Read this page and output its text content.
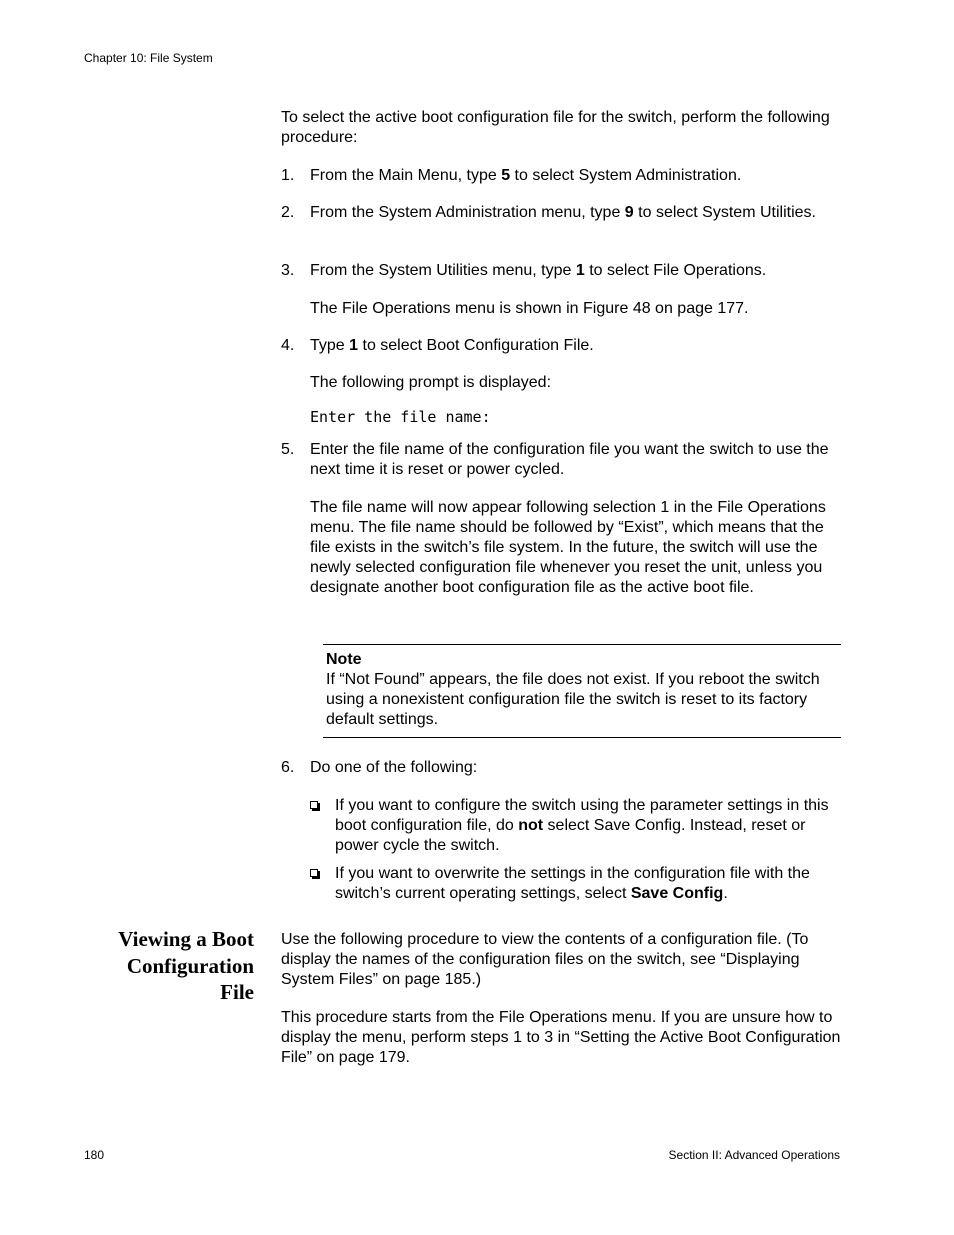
Chapter 10: File System

To select the active boot configuration file for the switch, perform the following procedure:

1. From the Main Menu, type 5 to select System Administration.
2. From the System Administration menu, type 9 to select System Utilities.
3. From the System Utilities menu, type 1 to select File Operations.
The File Operations menu is shown in Figure 48 on page 177.
4. Type 1 to select Boot Configuration File.
The following prompt is displayed:
Enter the file name:
5. Enter the file name of the configuration file you want the switch to use the next time it is reset or power cycled.
The file name will now appear following selection 1 in the File Operations menu. The file name should be followed by “Exist”, which means that the file exists in the switch’s file system. In the future, the switch will use the newly selected configuration file whenever you reset the unit, unless you designate another boot configuration file as the active boot file.
Note
If “Not Found” appears, the file does not exist. If you reboot the switch using a nonexistent configuration file the switch is reset to its factory default settings.
6. Do one of the following:
If you want to configure the switch using the parameter settings in this boot configuration file, do not select Save Config. Instead, reset or power cycle the switch.
If you want to overwrite the settings in the configuration file with the switch’s current operating settings, select Save Config.
Viewing a Boot
Configuration
File
Use the following procedure to view the contents of a configuration file. (To display the names of the configuration files on the switch, see “Displaying System Files” on page 185.)
This procedure starts from the File Operations menu. If you are unsure how to display the menu, perform steps 1 to 3 in “Setting the Active Boot Configuration File” on page 179.
180	Section II: Advanced Operations
